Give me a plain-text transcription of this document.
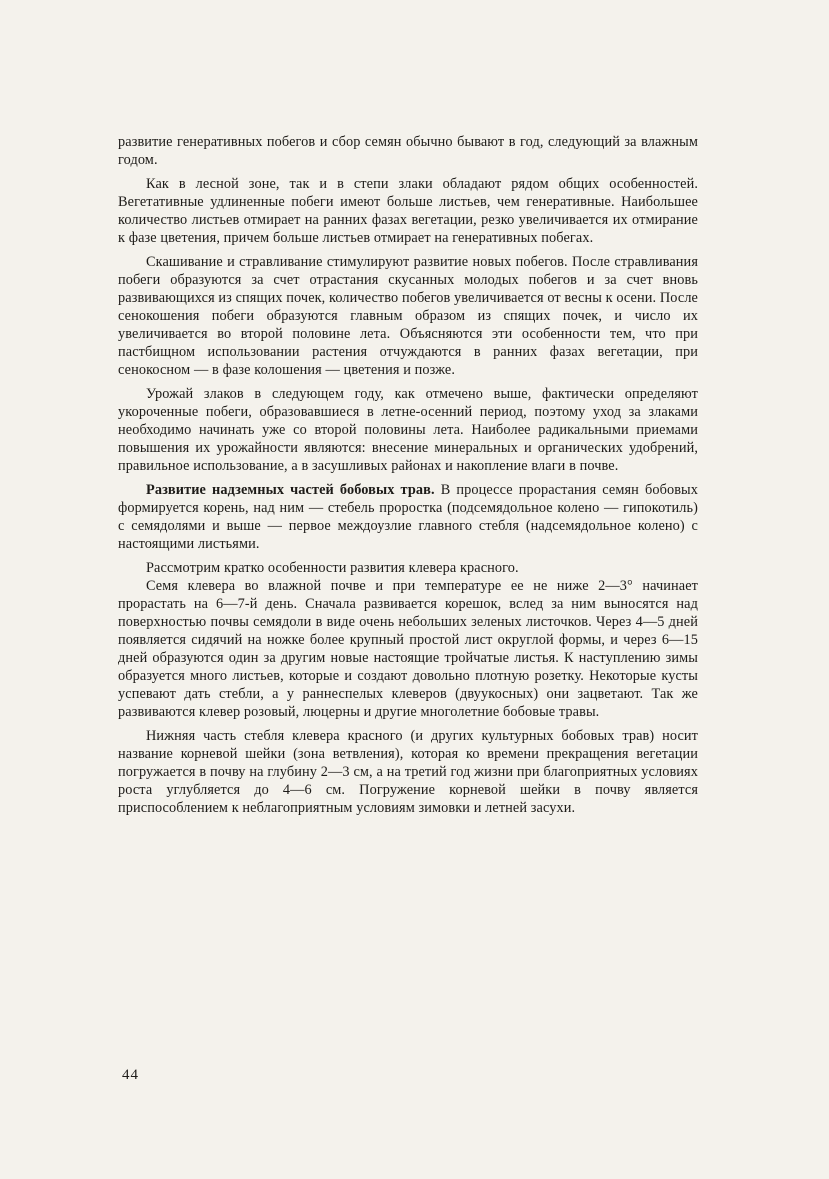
развитие генеративных побегов и сбор семян обычно бывают в год, следующий за влажным годом.

Как в лесной зоне, так и в степи злаки обладают рядом общих особенностей. Вегетативные удлиненные побеги имеют больше листьев, чем генеративные. Наибольшее количество листьев отмирает на ранних фазах вегетации, резко увеличивается их отмирание к фазе цветения, причем больше листьев отмирает на генеративных побегах.

Скашивание и стравливание стимулируют развитие новых побегов. После стравливания побеги образуются за счет отрастания скусанных молодых побегов и за счет вновь развивающихся из спящих почек, количество побегов увеличивается от весны к осени. После сенокошения побеги образуются главным образом из спящих почек, и число их увеличивается во второй половине лета. Объясняются эти особенности тем, что при пастбищном использовании растения отчуждаются в ранних фазах вегетации, при сенокосном — в фазе колошения — цветения и позже.

Урожай злаков в следующем году, как отмечено выше, фактически определяют укороченные побеги, образовавшиеся в летне-осенний период, поэтому уход за злаками необходимо начинать уже со второй половины лета. Наиболее радикальными приемами повышения их урожайности являются: внесение минеральных и органических удобрений, правильное использование, а в засушливых районах и накопление влаги в почве.

Развитие надземных частей бобовых трав. В процессе прорастания семян бобовых формируется корень, над ним — стебель проростка (подсемядольное колено — гипокотиль) с семядолями и выше — первое междоузлие главного стебля (надсемядольное колено) с настоящими листьями.

Рассмотрим кратко особенности развития клевера красного.

Семя клевера во влажной почве и при температуре ее не ниже 2—3° начинает прорастать на 6—7-й день. Сначала развивается корешок, вслед за ним выносятся над поверхностью почвы семядоли в виде очень небольших зеленых листочков. Через 4—5 дней появляется сидячий на ножке более крупный простой лист округлой формы, и через 6—15 дней образуются один за другим новые настоящие тройчатые листья. К наступлению зимы образуется много листьев, которые и создают довольно плотную розетку. Некоторые кусты успевают дать стебли, а у раннеспелых клеверов (двуукосных) они зацветают. Так же развиваются клевер розовый, люцерны и другие многолетние бобовые травы.

Нижняя часть стебля клевера красного (и других культурных бобовых трав) носит название корневой шейки (зона ветвления), которая ко времени прекращения вегетации погружается в почву на глубину 2—3 см, а на третий год жизни при благоприятных условиях роста углубляется до 4—6 см. Погружение корневой шейки в почву является приспособлением к неблагоприятным условиям зимовки и летней засухи.

44
